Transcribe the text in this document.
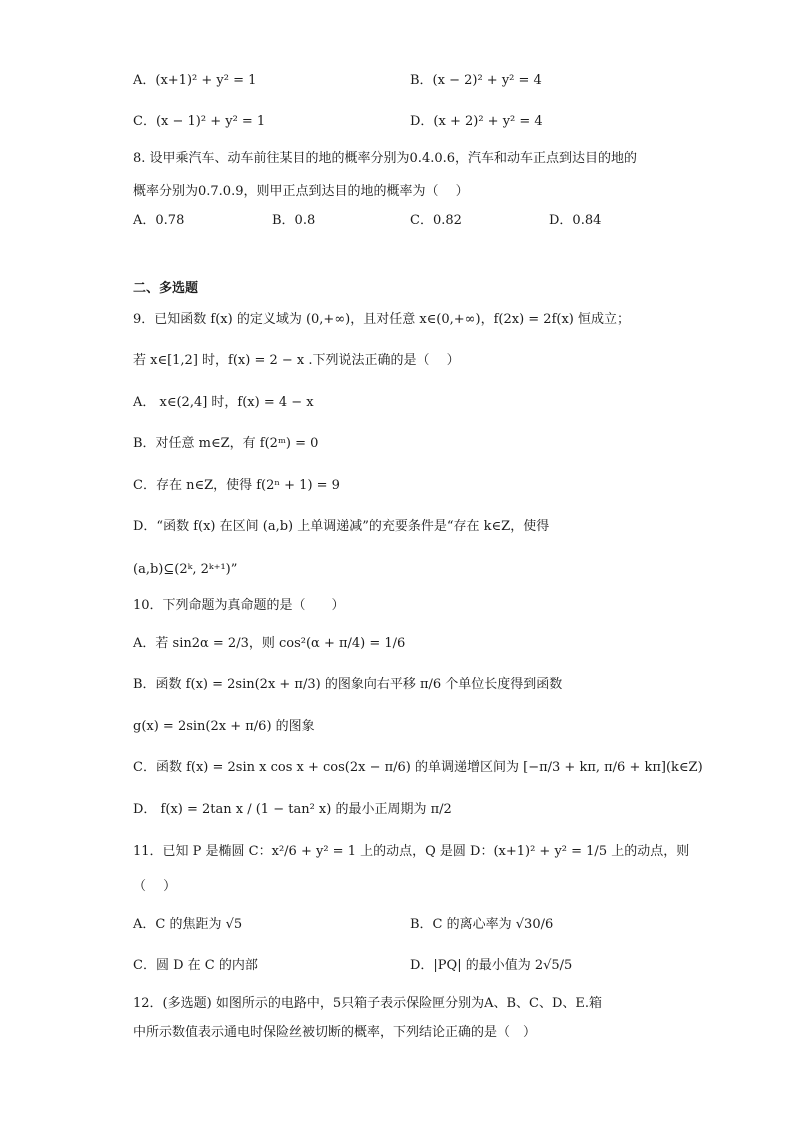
A．(x+1)² + y² = 1	B．(x − 2)² + y² = 4
C．(x − 1)² + y² = 1	D．(x + 2)² + y² = 4
8. 设甲乘汽车、动车前往某目的地的概率分别为0.4.0.6，汽车和动车正点到达目的地的
概率分别为0.7.0.9，则甲正点到达目的地的概率为（　 ）
A．0.78	B．0.8	C．0.82	D．0.84
二、多选题
9．已知函数 f(x) 的定义域为 (0,+∞)，且对任意 x∈(0,+∞)，f(2x) = 2f(x) 恒成立；
若 x∈[1,2] 时，f(x) = 2 − x .下列说法正确的是（　 ）
A． x∈(2,4] 时，f(x) = 4 − x
B．对任意 m∈Z，有 f(2ᵐ) = 0
C．存在 n∈Z，使得 f(2ⁿ + 1) = 9
D．“函数 f(x) 在区间 (a,b) 上单调递减”的充要条件是“存在 k∈Z，使得
(a,b)⊆(2ᵏ, 2ᵏ⁺¹)”
10．下列命题为真命题的是（　　）
A．若 sin2α = 2/3，则 cos²(α + π/4) = 1/6
B．函数 f(x) = 2sin(2x + π/3) 的图象向右平移 π/6 个单位长度得到函数
g(x) = 2sin(2x + π/6) 的图象
C．函数 f(x) = 2sin x cos x + cos(2x − π/6) 的单调递增区间为 [−π/3 + kπ, π/6 + kπ](k∈Z)
D． f(x) = 2tan x / (1 − tan² x) 的最小正周期为 π/2
11．已知 P 是椭圆 C：x²/6 + y² = 1 上的动点，Q 是圆 D：(x+1)² + y² = 1/5 上的动点，则
（　 ）
A．C 的焦距为 √5	B．C 的离心率为 √30/6
C．圆 D 在 C 的内部	D．|PQ| 的最小值为 2√5/5
12．(多选题) 如图所示的电路中，5只箱子表示保险匣分别为A、B、C、D、E.箱
中所示数值表示通电时保险丝被切断的概率，下列结论正确的是（　）
